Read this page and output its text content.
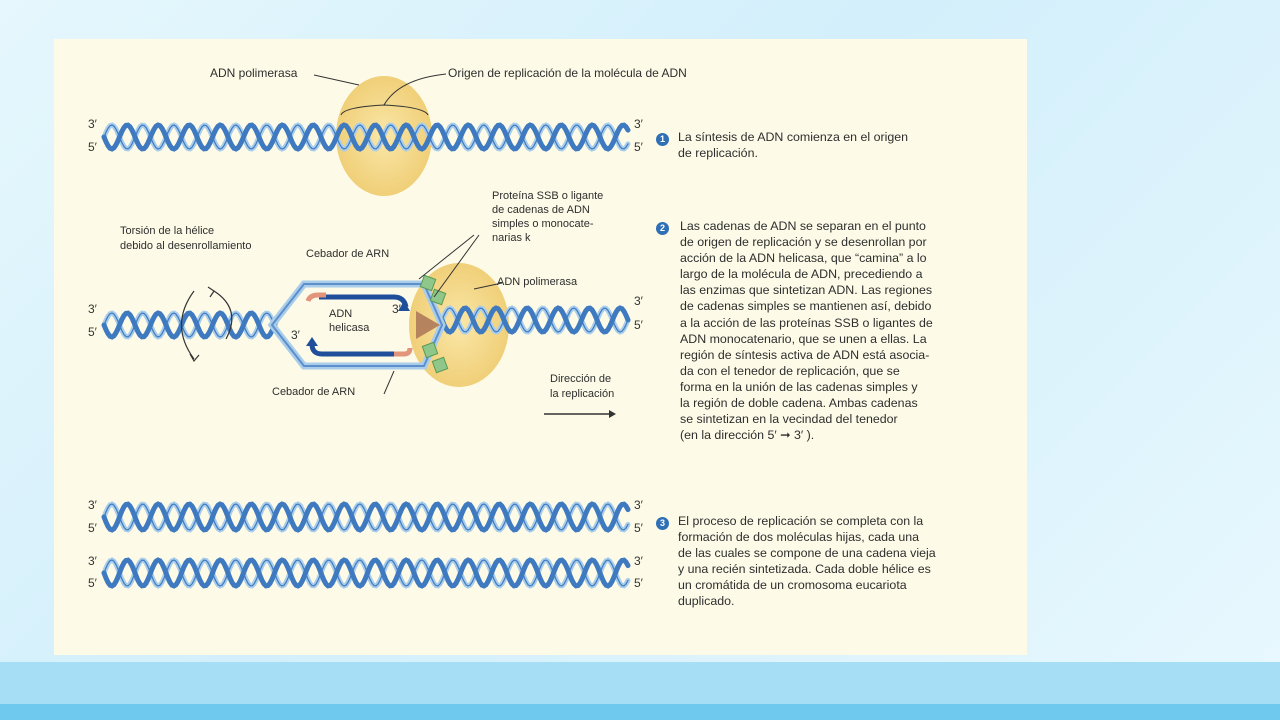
ADN polimerasa	Origen de replicación de la molécula de ADN
3′
5′
3′
5′
Proteína SSB o ligante
de cadenas de ADN
simples o monocate-
narias k
Torsión de la hélice
debido al desenrollamiento
Cebador de ARN
ADN polimerasa
ADN
helicasa
Cebador de ARN
Dirección de
la replicación
3′
3′
3′
5′
3′
5′
3′
5′
3′
5′
3′
5′
3′
5′
1	La síntesis de ADN comienza en el origen
de replicación.
2	Las cadenas de ADN se separan en el punto
de origen de replicación y se desenrollan por
acción de la ADN helicasa, que “camina” a lo
largo de la molécula de ADN, precediendo a
las enzimas que sintetizan ADN. Las regiones
de cadenas simples se mantienen así, debido
a la acción de las proteínas SSB o ligantes de
ADN monocatenario, que se unen a ellas. La
región de síntesis activa de ADN está asocia-
da con el tenedor de replicación, que se
forma en la unión de las cadenas simples y
la región de doble cadena. Ambas cadenas
se sintetizan en la vecindad del tenedor
(en la dirección 5′ ➞ 3′ ).
3	El proceso de replicación se completa con la
formación de dos moléculas hijas, cada una
de las cuales se compone de una cadena vieja
y una recién sintetizada. Cada doble hélice es
un cromátida de un cromosoma eucariota
duplicado.
